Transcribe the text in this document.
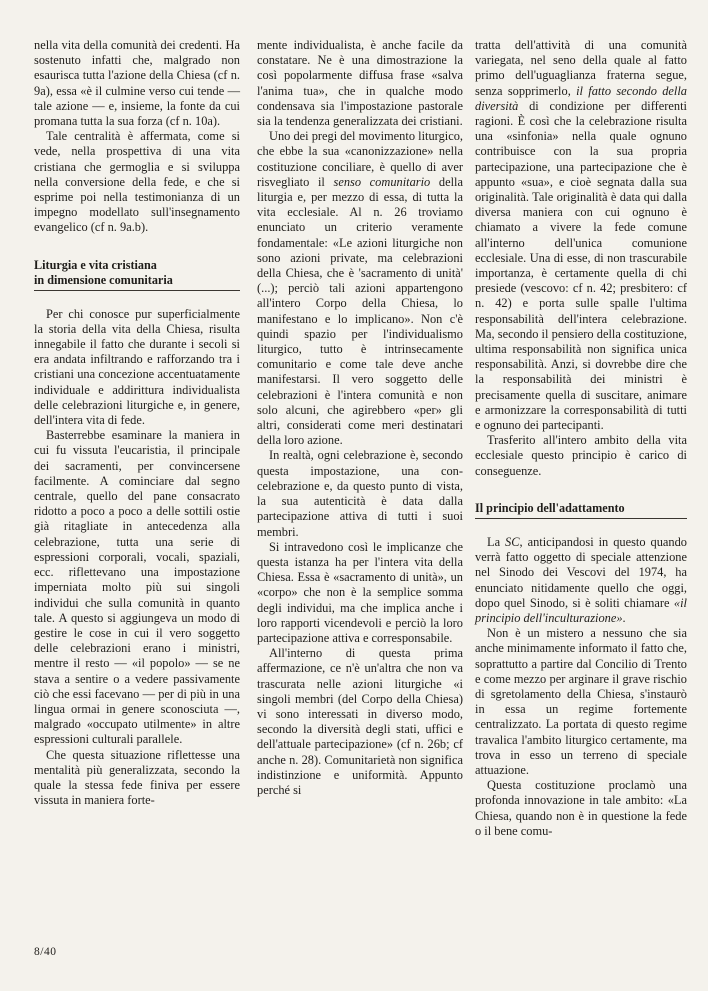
nella vita della comunità dei credenti. Ha sostenuto infatti che, malgrado non esaurisca tutta l'azione della Chiesa (cf n. 9a), essa «è il culmine verso cui tende — tale azione — e, insieme, la fonte da cui promana tutta la sua forza (cf n. 10a).

Tale centralità è affermata, come si vede, nella prospettiva di una vita cristiana che germoglia e si sviluppa nella conversione della fede, e che si esprime poi nella testimonianza di un impegno modellato sull'insegnamento evangelico (cf n. 9a.b).

Liturgia e vita cristiana
in dimensione comunitaria

Per chi conosce pur superficialmente la storia della vita della Chiesa, risulta innegabile il fatto che durante i secoli si era andata infiltrando e rafforzando tra i cristiani una concezione accentuatamente individuale e addirittura individualista delle celebrazioni liturgiche e, in genere, dell'intera vita di fede.

Basterrebbe esaminare la maniera in cui fu vissuta l'eucaristia, il principale dei sacramenti, per convincersene facilmente. A cominciare dal segno centrale, quello del pane consacrato ridotto a poco a poco a delle sottili ostie già ritagliate in antecedenza alla celebrazione, tutta una serie di espressioni corporali, vocali, spaziali, ecc. riflettevano una impostazione imperniata molto più sui singoli individui che sulla comunità in quanto tale. A questo si aggiungeva un modo di gestire le cose in cui il vero soggetto delle celebrazioni erano i ministri, mentre il resto — «il popolo» — se ne stava a sentire o a vedere passivamente ciò che essi facevano — per di più in una lingua ormai in genere sconosciuta —, malgrado «occupato utilmente» in altre espressioni culturali parallele.

Che questa situazione riflettesse una mentalità più generalizzata, secondo la quale la stessa fede finiva per essere vissuta in maniera forte-

mente individualista, è anche facile da constatare. Ne è una dimostrazione la così popolarmente diffusa frase «salva l'anima tua», che in qualche modo condensava sia l'impostazione pastorale sia la tendenza generalizzata dei cristiani.

Uno dei pregi del movimento liturgico, che ebbe la sua «canonizzazione» nella costituzione conciliare, è quello di aver risvegliato il senso comunitario della liturgia e, per mezzo di essa, di tutta la vita ecclesiale. Al n. 26 troviamo enunciato un criterio veramente fondamentale: «Le azioni liturgiche non sono azioni private, ma celebrazioni della Chiesa, che è 'sacramento di unità' (...); perciò tali azioni appartengono all'intero Corpo della Chiesa, lo manifestano e lo implicano». Non c'è quindi spazio per l'individualismo liturgico, tutto è intrinsecamente comunitario e come tale deve anche manifestarsi. Il vero soggetto delle celebrazioni è l'intera comunità e non solo alcuni, che agirebbero «per» gli altri, considerati come meri destinatari della loro azione.

In realtà, ogni celebrazione è, secondo questa impostazione, una con-celebrazione e, da questo punto di vista, la sua autenticità è data dalla partecipazione attiva di tutti i suoi membri.

Si intravedono così le implicanze che questa istanza ha per l'intera vita della Chiesa. Essa è «sacramento di unità», un «corpo» che non è la semplice somma degli individui, ma che implica anche i loro rapporti vicendevoli e perciò la loro partecipazione attiva e corresponsabile.

All'interno di questa prima affermazione, ce n'è un'altra che non va trascurata nelle azioni liturgiche «i singoli membri (del Corpo della Chiesa) vi sono interessati in diverso modo, secondo la diversità degli stati, uffici e dell'attuale partecipazione» (cf n. 26b; cf anche n. 28). Comunitarietà non significa indistinzione e uniformità. Appunto perché si

tratta dell'attività di una comunità variegata, nel seno della quale al fatto primo dell'uguaglianza fraterna segue, senza sopprimerlo, il fatto secondo della diversità di condizione per differenti ragioni. È così che la celebrazione risulta una «sinfonia» nella quale ognuno contribuisce con la sua propria partecipazione, una partecipazione che è appunto «sua», e cioè segnata dalla sua originalità. Tale originalità è data qui dalla diversa maniera con cui ognuno è chiamato a vivere la fede comune all'interno dell'unica comunione ecclesiale. Una di esse, di non trascurabile importanza, è certamente quella di chi presiede (vescovo: cf n. 42; presbitero: cf n. 42) e porta sulle spalle l'ultima responsabilità dell'intera celebrazione. Ma, secondo il pensiero della costituzione, ultima responsabilità non significa unica responsabilità. Anzi, si dovrebbe dire che la responsabilità dei ministri è precisamente quella di suscitare, animare e armonizzare la corresponsabilità di tutti e ognuno dei partecipanti.

Trasferito all'intero ambito della vita ecclesiale questo principio è carico di conseguenze.

Il principio dell'adattamento

La SC, anticipandosi in questo quando verrà fatto oggetto di speciale attenzione nel Sinodo dei Vescovi del 1974, ha enunciato nitidamente quello che oggi, dopo quel Sinodo, si è soliti chiamare «il principio dell'inculturazione».

Non è un mistero a nessuno che sia anche minimamente informato il fatto che, soprattutto a partire dal Concilio di Trento e come mezzo per arginare il grave rischio di sgretolamento della Chiesa, s'instaurò in essa un regime fortemente centralizzato. La portata di questo regime travalica l'ambito liturgico certamente, ma trova in esso un terreno di speciale attuazione.

Questa costituzione proclamò una profonda innovazione in tale ambito: «La Chiesa, quando non è in questione la fede o il bene comu-

8/40
